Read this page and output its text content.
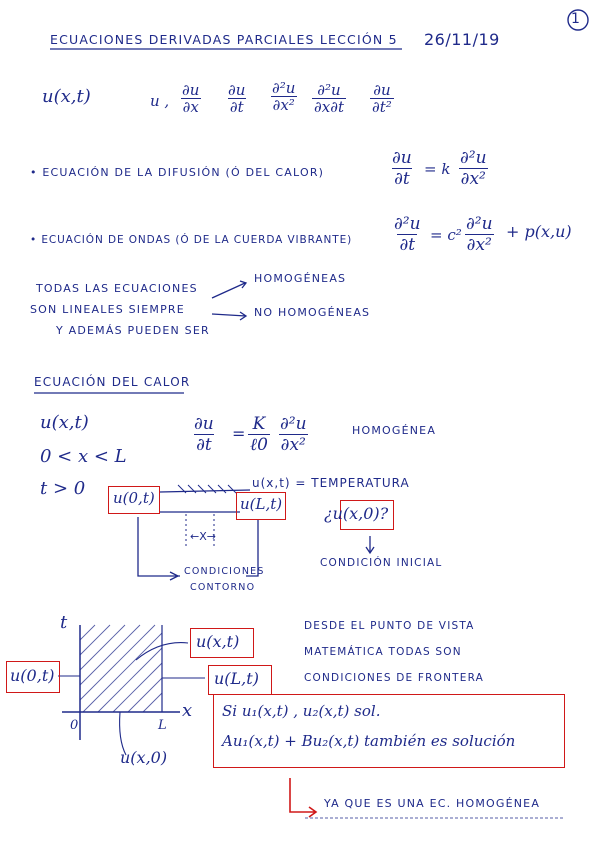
1
ECUACIONES DERIVADAS PARCIALES LECCIÓN 5 26/11/19
u(x,t)	u , $\frac{\partial u}{\partial x} \frac{\partial u}{\partial t} \frac{\text{∂²u}}{\text{∂x²}} \frac{\text{∂²u}}{\partial x\partial t} \frac{\partial u}{\text{∂t²}}$
• ECUACIÓN DE LA DIFUSIÓN (Ó DEL CALOR)	$\frac{\partial u}{\partial t} = k \frac{\text{∂²u}}{\text{∂x²}}$
• ECUACIÓN DE ONDAS (Ó DE LA CUERDA VIBRANTE) $\frac{\text{∂²u}}{\partial t} = c^2 \frac{\text{∂²u}}{\text{∂x²}} + p(x,u)$
TODAS LAS ECUACIONES
SON LINEALES SIEMPRE
Y ADEMÁS PUEDEN SER
HOMOGÉNEAS
NO HOMOGÉNEAS
ECUACIÓN DEL CALOR
u(x,t)
0 < x < L
t > 0
$\frac{\partial u}{\partial t} = K$
ℓ0 $\frac{\text{∂²u}}{\text{∂x²}}$	HOMOGÉNEA
u(0,t)	u(L,t)
u(x,t) = TEMPERATURA
←X→
¿u(x,0)?
CONDICIÓN INICIAL
CONDICIONES
CONTORNO
t
x
0	L
u(x,t)
u(L,t)
u(0,t)
u(x,0)
DESDE EL PUNTO DE VISTA
MATEMÁTICA TODAS SON
CONDICIONES DE FRONTERA
Si u₁(x,t) , u₂(x,t) sol.
Au₁(x,t) + Bu₂(x,t) también es solución
YA QUE ES UNA EC. HOMOGÉNEA
